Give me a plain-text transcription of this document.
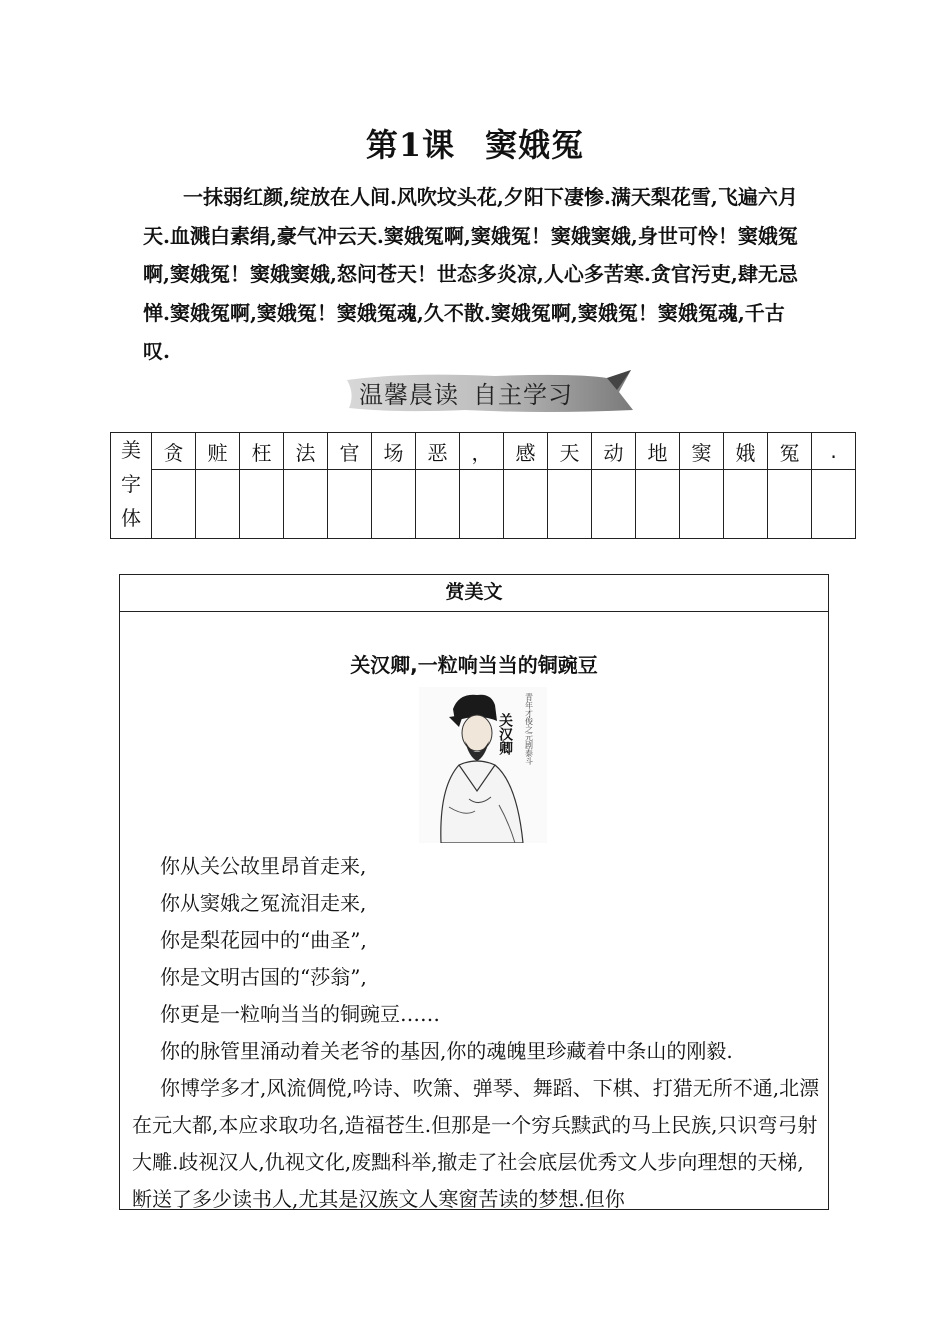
第1课 窦娥冤

一抹弱红颜,绽放在人间.风吹坟头花,夕阳下凄惨.满天梨花雪,飞遍六月天.血溅白素绢,豪气冲云天.窦娥冤啊,窦娥冤！窦娥窦娥,身世可怜！窦娥冤啊,窦娥冤！窦娥窦娥,怒问苍天！世态多炎凉,人心多苦寒.贪官污吏,肆无忌惮.窦娥冤啊,窦娥冤！窦娥冤魂,久不散.窦娥冤啊,窦娥冤！窦娥冤魂,千古叹.

温馨晨读 自主学习
美
字
体	贪	赃	枉	法	官	场	恶	，	感	天	动	地	窦	娥	冤	.

赏美文
关汉卿,一粒响当当的铜豌豆
关汉卿 青年才俊之元剧泰斗

你从关公故里昂首走来,

你从窦娥之冤流泪走来,

你是梨花园中的“曲圣”,

你是文明古国的“莎翁”,

你更是一粒响当当的铜豌豆……

你的脉管里涌动着关老爷的基因,你的魂魄里珍藏着中条山的刚毅.

你博学多才,风流倜傥,吟诗、吹箫、弹琴、舞蹈、下棋、打猎无所不通,北漂在元大都,本应求取功名,造福苍生.但那是一个穷兵黩武的马上民族,只识弯弓射大雕.歧视汉人,仇视文化,废黜科举,撤走了社会底层优秀文人步向理想的天梯,断送了多少读书人,尤其是汉族文人寒窗苦读的梦想.但你
